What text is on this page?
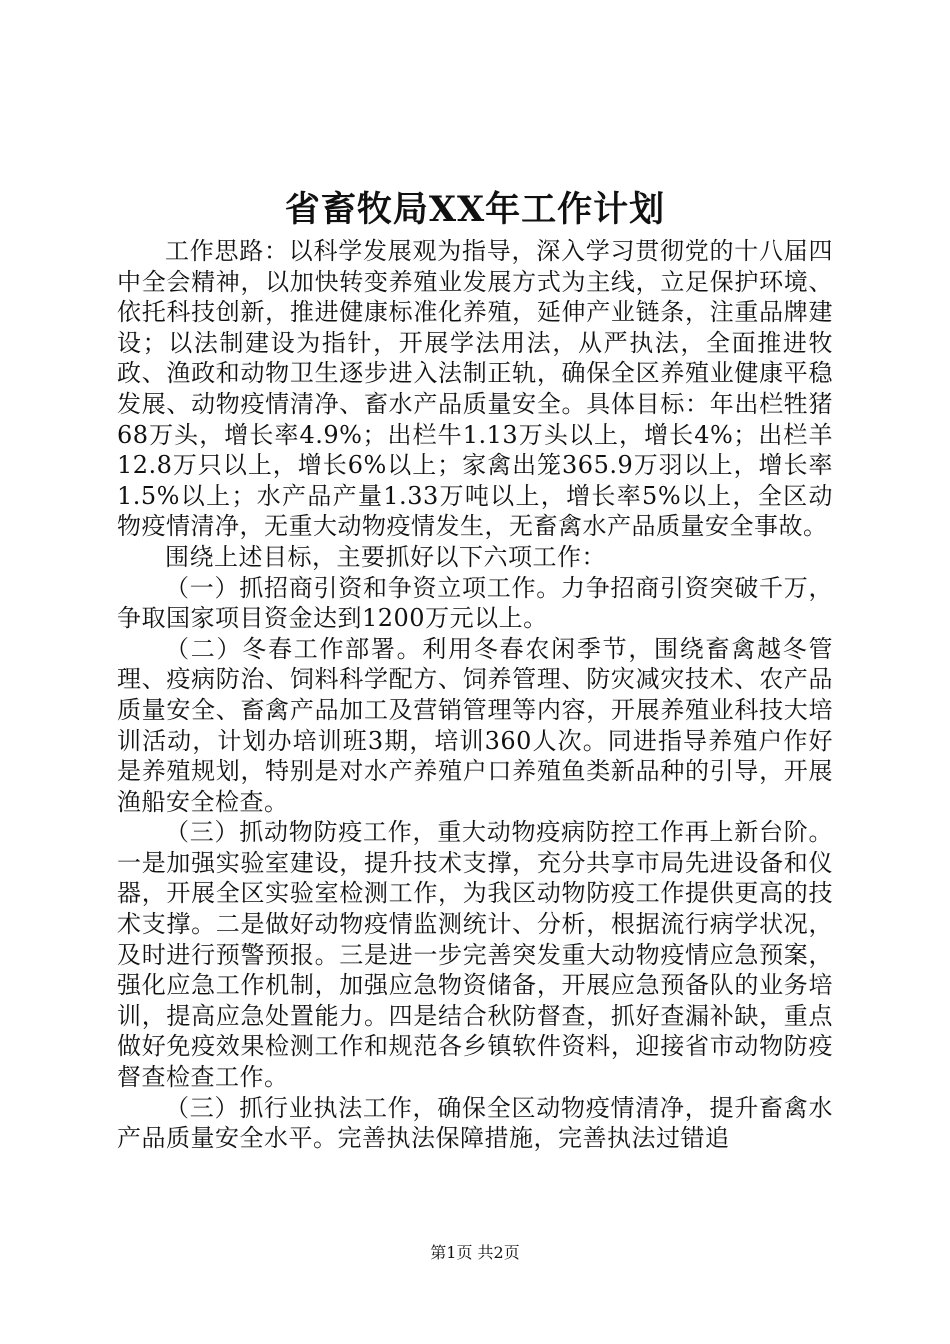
省畜牧局XX年工作计划

工作思路：以科学发展观为指导，深入学习贯彻党的十八届四中全会精神，以加快转变养殖业发展方式为主线，立足保护环境、依托科技创新，推进健康标准化养殖，延伸产业链条，注重品牌建设；以法制建设为指针，开展学法用法，从严执法，全面推进牧政、渔政和动物卫生逐步进入法制正轨，确保全区养殖业健康平稳发展、动物疫情清净、畜水产品质量安全。具体目标：年出栏牲猪68万头，增长率4.9%；出栏牛1.13万头以上，增长4%；出栏羊12.8万只以上，增长6%以上；家禽出笼365.9万羽以上，增长率1.5%以上；水产品产量1.33万吨以上，增长率5%以上，全区动物疫情清净，无重大动物疫情发生，无畜禽水产品质量安全事故。

围绕上述目标，主要抓好以下六项工作：

（一）抓招商引资和争资立项工作。力争招商引资突破千万，争取国家项目资金达到1200万元以上。

（二）冬春工作部署。利用冬春农闲季节，围绕畜禽越冬管理、疫病防治、饲料科学配方、饲养管理、防灾减灾技术、农产品质量安全、畜禽产品加工及营销管理等内容，开展养殖业科技大培训活动，计划办培训班3期，培训360人次。同进指导养殖户作好是养殖规划，特别是对水产养殖户口养殖鱼类新品种的引导，开展渔船安全检查。

（三）抓动物防疫工作，重大动物疫病防控工作再上新台阶。一是加强实验室建设，提升技术支撑，充分共享市局先进设备和仪器，开展全区实验室检测工作，为我区动物防疫工作提供更高的技术支撑。二是做好动物疫情监测统计、分析，根据流行病学状况，及时进行预警预报。三是进一步完善突发重大动物疫情应急预案，强化应急工作机制，加强应急物资储备，开展应急预备队的业务培训，提高应急处置能力。四是结合秋防督查，抓好查漏补缺，重点做好免疫效果检测工作和规范各乡镇软件资料，迎接省市动物防疫督查检查工作。

（三）抓行业执法工作，确保全区动物疫情清净，提升畜禽水产品质量安全水平。完善执法保障措施，完善执法过错追

第1页 共2页
